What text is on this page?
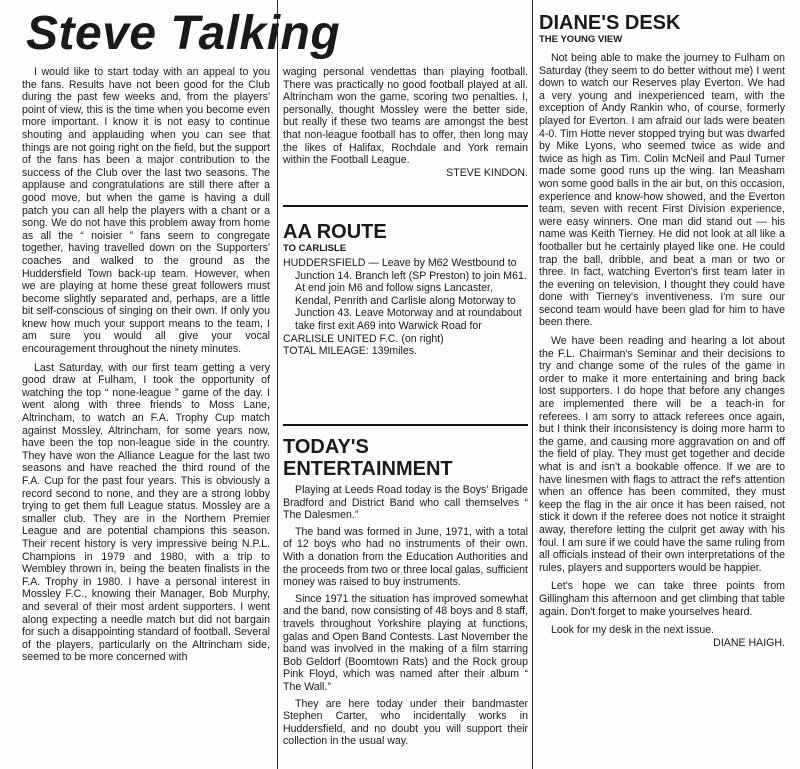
Steve Talking

I would like to start today with an appeal to you the fans. Results have not been good for the Club during the past few weeks and, from the players' point of view, this is the time when you become even more important. I know it is not easy to continue shouting and applauding when you can see that things are not going right on the field, but the support of the fans has been a major contribution to the success of the Club over the last two seasons. The applause and congratulations are still there after a good move, but when the game is having a dull patch you can all help the players with a chant or a song. We do not have this problem away from home as all the “ noisier ” fans seem to congregate together, having travelled down on the Supporters' coaches and walked to the ground as the Huddersfield Town back-up team. However, when we are playing at home these great followers must become slightly separated and, perhaps, are a little bit self-conscious of singing on their own. If only you knew how much your support means to the team, I am sure you would all give your vocal encouragement throughout the ninety minutes.

Last Saturday, with our first team getting a very good draw at Fulham, I took the opportunity of watching the top “ none-league ” game of the day. I went along with three friends to Moss Lane, Altrincham, to watch an F.A. Trophy Cup match against Mossley. Altrincham, for some years now, have been the top non-league side in the country. They have won the Alliance League for the last two seasons and have reached the third round of the F.A. Cup for the past four years. This is obviously a record second to none, and they are a strong lobby trying to get them full League status. Mossley are a smaller club. They are in the Northern Premier League and are potential champions this season. Their recent history is very impressive being N.P.L. Champions in 1979 and 1980, with a trip to Wembley thrown in, being the beaten finalists in the F.A. Trophy in 1980. I have a personal interest in Mossley F.C., knowing their Manager, Bob Murphy, and several of their most ardent supporters. I went along expecting a needle match but did not bargain for such a disappointing standard of football. Several of the players, particularly on the Altrincham side, seemed to be more concerned with

waging personal vendettas than playing football. There was practically no good football played at all. Altrincham won the game, scoring two penalties. I, personally, thought Mossley were the better side, but really if these two teams are amongst the best that non-league football has to offer, then long may the likes of Halifax, Rochdale and York remain within the Football League.

STEVE KINDON.

AA ROUTE
TO CARLISLE

HUDDERSFIELD — Leave by M62 Westbound to Junction 14. Branch left (SP Preston) to join M61. At end join M6 and follow signs Lancaster, Kendal, Penrith and Carlisle along Motorway to Junction 43. Leave Motorway and at roundabout take first exit A69 into Warwick Road for

CARLISLE UNITED F.C. (on right)

TOTAL MILEAGE: 139miles.

TODAY'S
ENTERTAINMENT

Playing at Leeds Road today is the Boys' Brigade Bradford and District Band who call themselves “ The Dalesmen.”

The band was formed in June, 1971, with a total of 12 boys who had no instruments of their own. With a donation from the Education Authorities and the proceeds from two or three local galas, sufficient money was raised to buy instruments.

Since 1971 the situation has improved somewhat and the band, now consisting of 48 boys and 8 staff, travels throughout Yorkshire playing at functions, galas and Open Band Contests. Last November the band was involved in the making of a film starring Bob Geldorf (Boomtown Rats) and the Rock group Pink Floyd, which was named after their album “ The Wall.”

They are here today under their bandmaster Stephen Carter, who incidentally works in Huddersfield, and no doubt you will support their collection in the usual way.

DIANE'S DESK
THE YOUNG VIEW

Not being able to make the journey to Fulham on Saturday (they seem to do better without me) I went down to watch our Reserves play Everton. We had a very young and inexperienced team, with the exception of Andy Rankin who, of course, formerly played for Everton. I am afraid our lads were beaten 4-0. Tim Hotte never stopped trying but was dwarfed by Mike Lyons, who seemed twice as wide and twice as high as Tim. Colin McNeil and Paul Turner made some good runs up the wing. Ian Measham won some good balls in the air but, on this occasion, experience and know-how showed, and the Everton team, seven with recent First Division experience, were easy winners. One man did stand out — his name was Keith Tierney. He did not look at all like a footballer but he certainly played like one. He could trap the ball, dribble, and beat a man or two or three. In fact, watching Everton's first team later in the evening on television, I thought they could have done with Tierney's inventiveness. I'm sure our second team would have been glad for him to have been there.

We have been reading and hearing a lot about the F.L. Chairman's Seminar and their decisions to try and change some of the rules of the game in order to make it more entertaining and bring back lost supporters. I do hope that before any changes are implemented there will be a teach-in for referees. I am sorry to attack referees once again, but I think their inconsistency is doing more harm to the game, and causing more aggravation on and off the field of play. They must get together and decide what is and isn't a bookable offence. If we are to have linesmen with flags to attract the ref's attention when an offence has been commited, they must keep the flag in the air once it has been raised, not stick it down if the referee does not notice it straight away, therefore letting the culprit get away with his foul. I am sure if we could have the same ruling from all officials instead of their own interpretations of the rules, players and supporters would be happier.

Let's hope we can take three points from Gillingham this afternoon and get climbing that table again. Don't forget to make yourselves heard.

Look for my desk in the next issue.

DIANE HAIGH.
